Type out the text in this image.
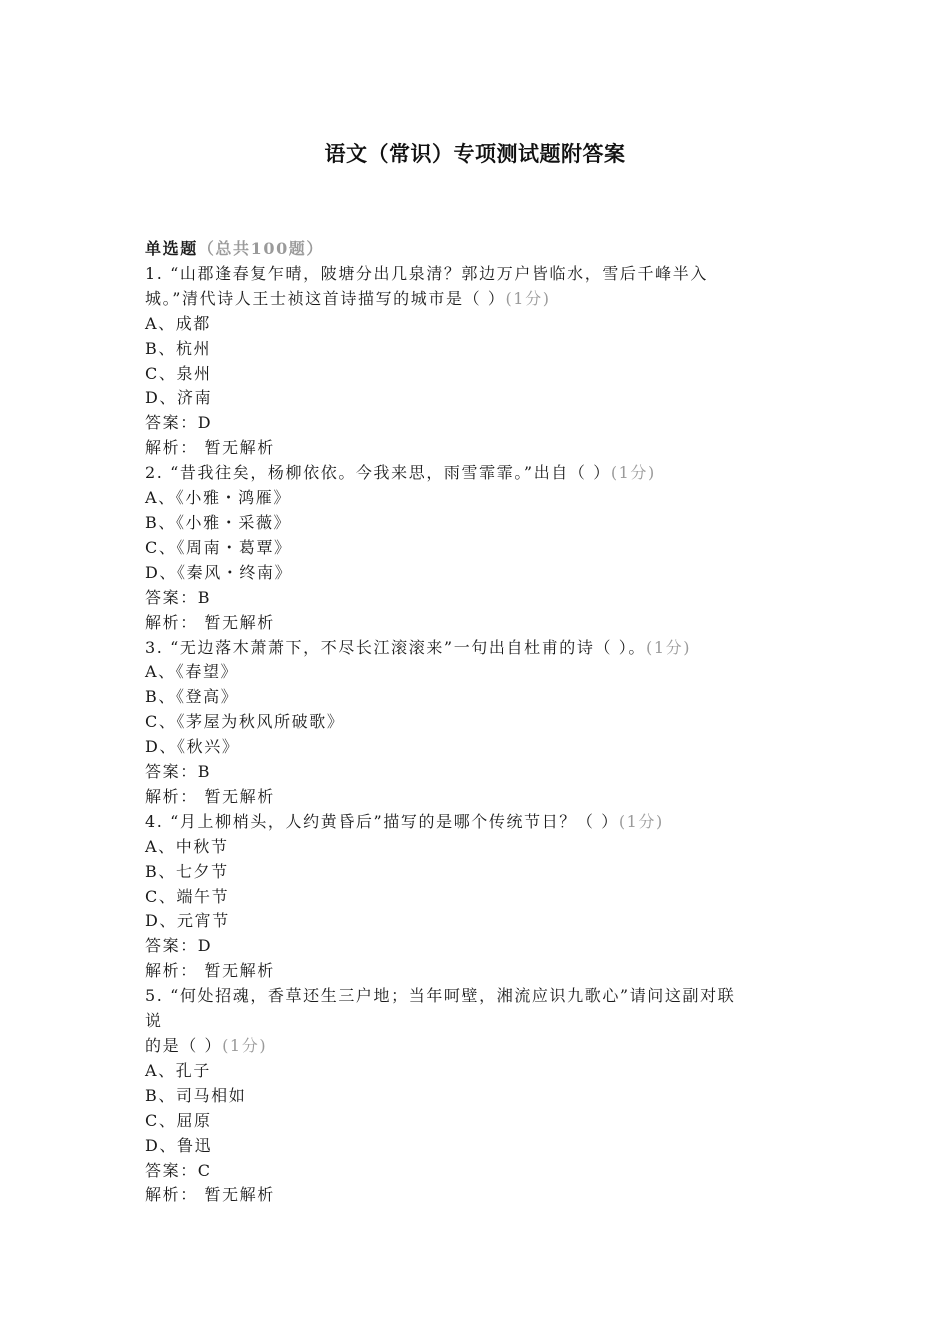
语文（常识）专项测试题附答案

单选题（总共100题）

1. “山郡逢春复乍晴，陂塘分出几泉清？郭边万户皆临水，雪后千峰半入

城。”清代诗人王士祯这首诗描写的城市是（ ）(1分)

A、成都

B、杭州

C、泉州

D、济南

答案：D

解析： 暂无解析

2. “昔我往矣，杨柳依依。今我来思，雨雪霏霏。”出自（ ）(1分)

A、《小雅・鸿雁》

B、《小雅・采薇》

C、《周南・葛覃》

D、《秦风・终南》

答案：B

解析： 暂无解析

3. “无边落木萧萧下，不尽长江滚滚来”一句出自杜甫的诗（ ）。(1分)

A、《春望》

B、《登高》

C、《茅屋为秋风所破歌》

D、《秋兴》

答案：B

解析： 暂无解析

4. “月上柳梢头，人约黄昏后”描写的是哪个传统节日？（ ）(1分)

A、中秋节

B、七夕节

C、端午节

D、元宵节

答案：D

解析： 暂无解析

5. “何处招魂，香草还生三户地；当年呵壁，湘流应识九歌心”请问这副对联

说

的是（ ）(1分)

A、孔子

B、司马相如

C、屈原

D、鲁迅

答案：C

解析： 暂无解析
